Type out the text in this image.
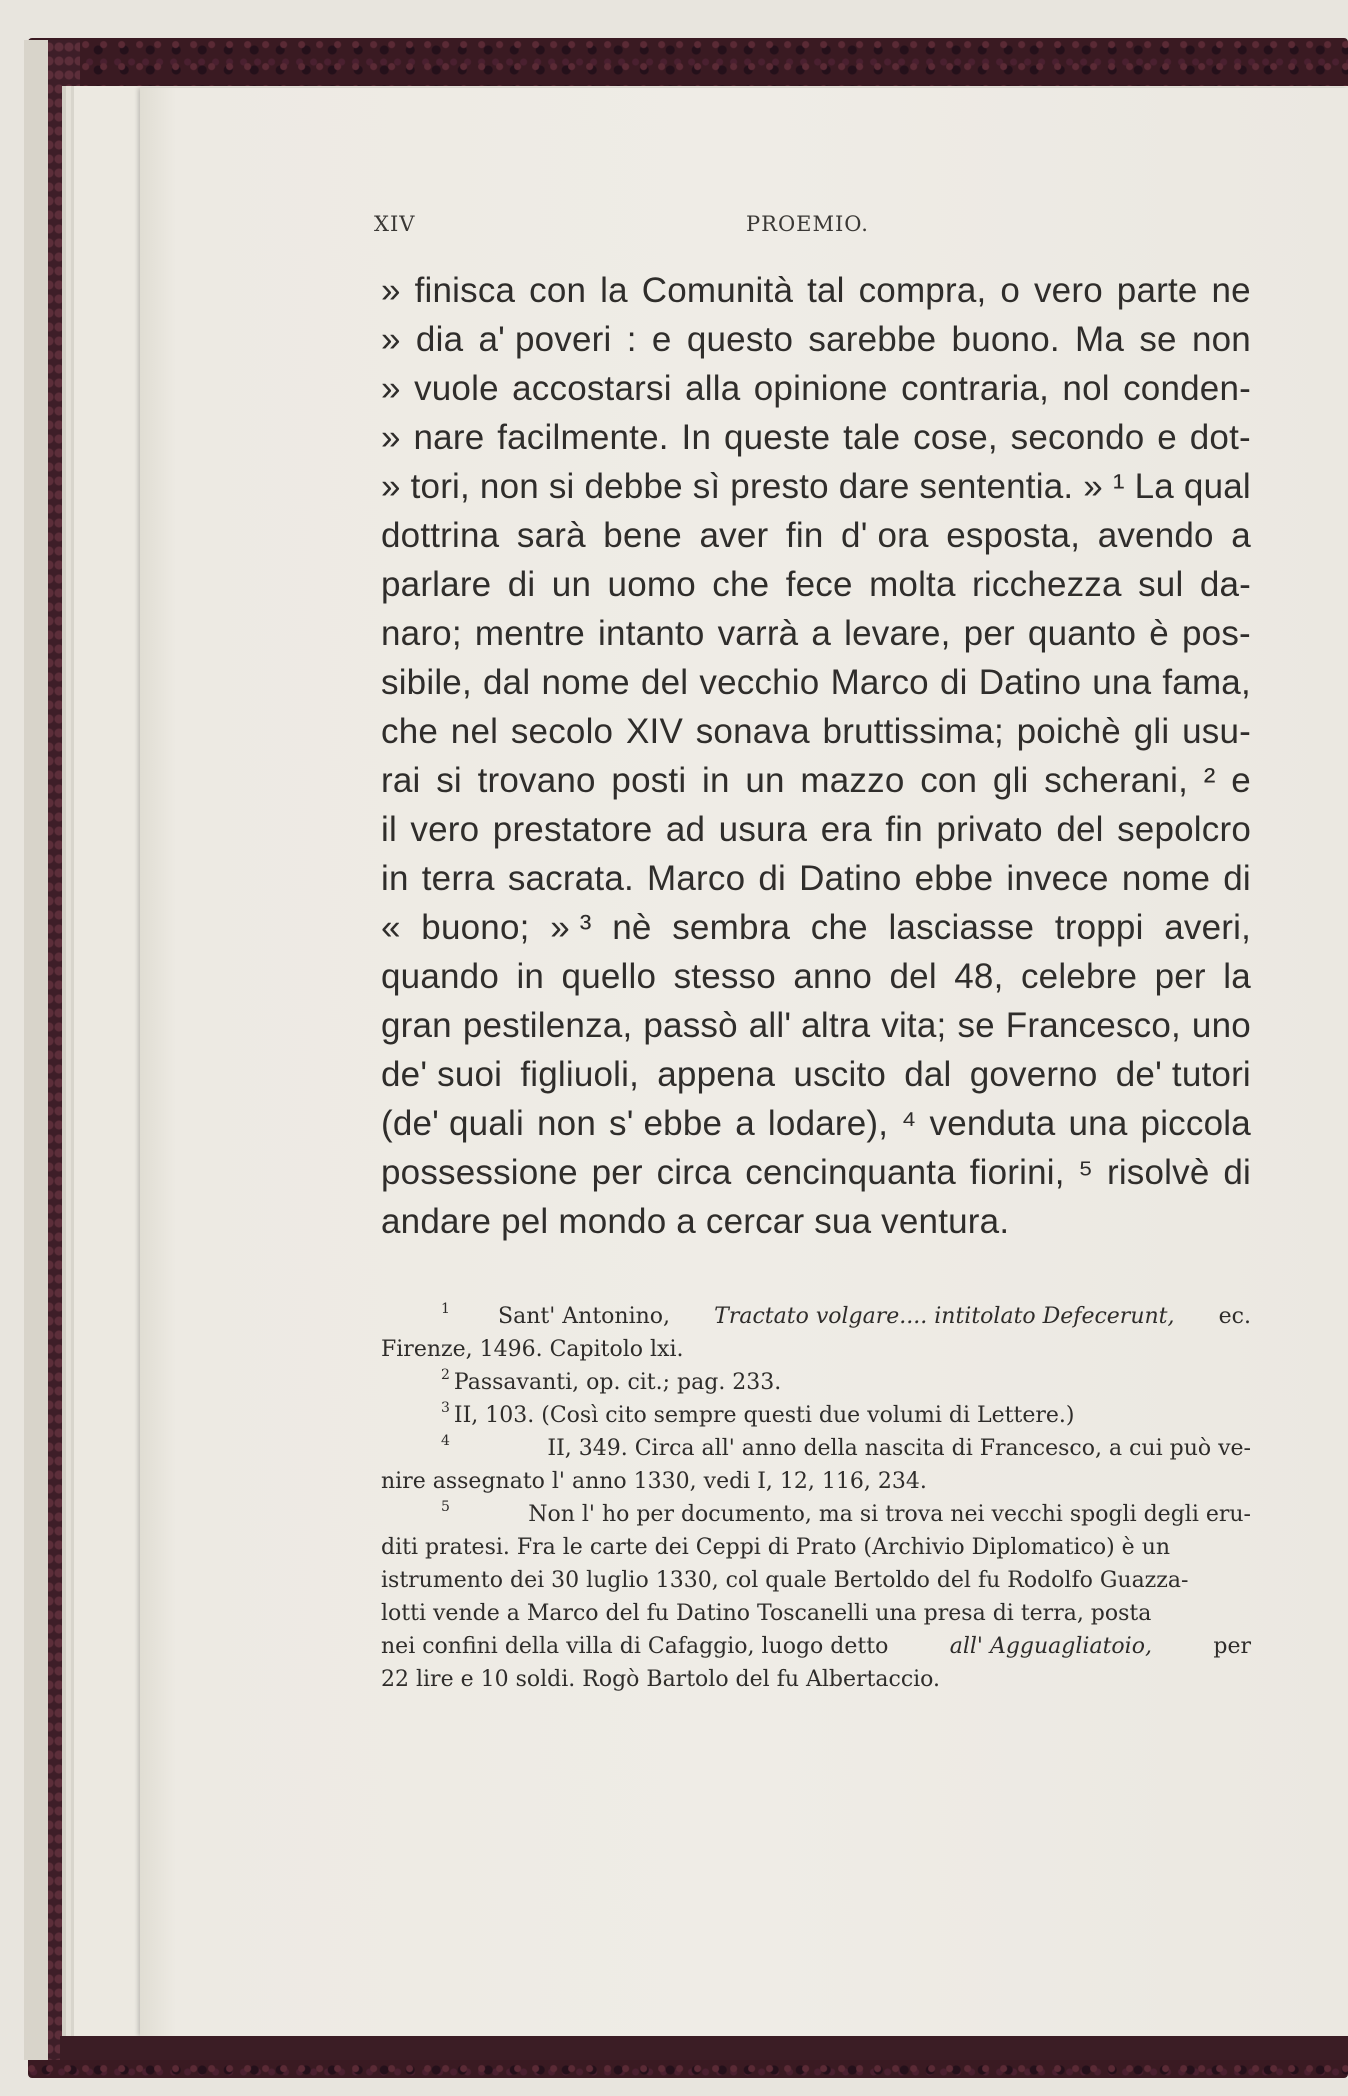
XIV	PROEMIO.
» finisca con la Comunità tal compra, o vero parte ne
» dia a' poveri : e questo sarebbe buono. Ma se non
» vuole accostarsi alla opinione contraria, nol conden-
» nare facilmente. In queste tale cose, secondo e dot-
» tori, non si debbe sì presto dare sententia. » ¹ La qual
dottrina sarà bene aver fin d' ora esposta, avendo a
parlare di un uomo che fece molta ricchezza sul da-
naro; mentre intanto varrà a levare, per quanto è pos-
sibile, dal nome del vecchio Marco di Datino una fama,
che nel secolo XIV sonava bruttissima; poichè gli usu-
rai si trovano posti in un mazzo con gli scherani, ² e
il vero prestatore ad usura era fin privato del sepolcro
in terra sacrata. Marco di Datino ebbe invece nome di
« buono; » ³ nè sembra che lasciasse troppi averi,
quando in quello stesso anno del 48, celebre per la
gran pestilenza, passò all' altra vita; se Francesco, uno
de' suoi figliuoli, appena uscito dal governo de' tutori
(de' quali non s' ebbe a lodare), ⁴ venduta una piccola
possessione per circa cencinquanta fiorini, ⁵ risolvè di
andare pel mondo a cercar sua ventura.
1 Sant' Antonino, Tractato volgare.... intitolato Defecerunt, ec.
Firenze, 1496. Capitolo lxi.
2 Passavanti, op. cit.; pag. 233.
3 II, 103. (Così cito sempre questi due volumi di Lettere.)
4	II, 349. Circa all' anno della nascita di Francesco, a cui può ve-
nire assegnato l' anno 1330, vedi I, 12, 116, 234.
5	Non l' ho per documento, ma si trova nei vecchi spogli degli eru-
diti pratesi. Fra le carte dei Ceppi di Prato (Archivio Diplomatico) è un
istrumento dei 30 luglio 1330, col quale Bertoldo del fu Rodolfo Guazza-
lotti vende a Marco del fu Datino Toscanelli una presa di terra, posta
nei confini della villa di Cafaggio, luogo detto	all' Agguagliatoio,	per
22 lire e 10 soldi. Rogò Bartolo del fu Albertaccio.
